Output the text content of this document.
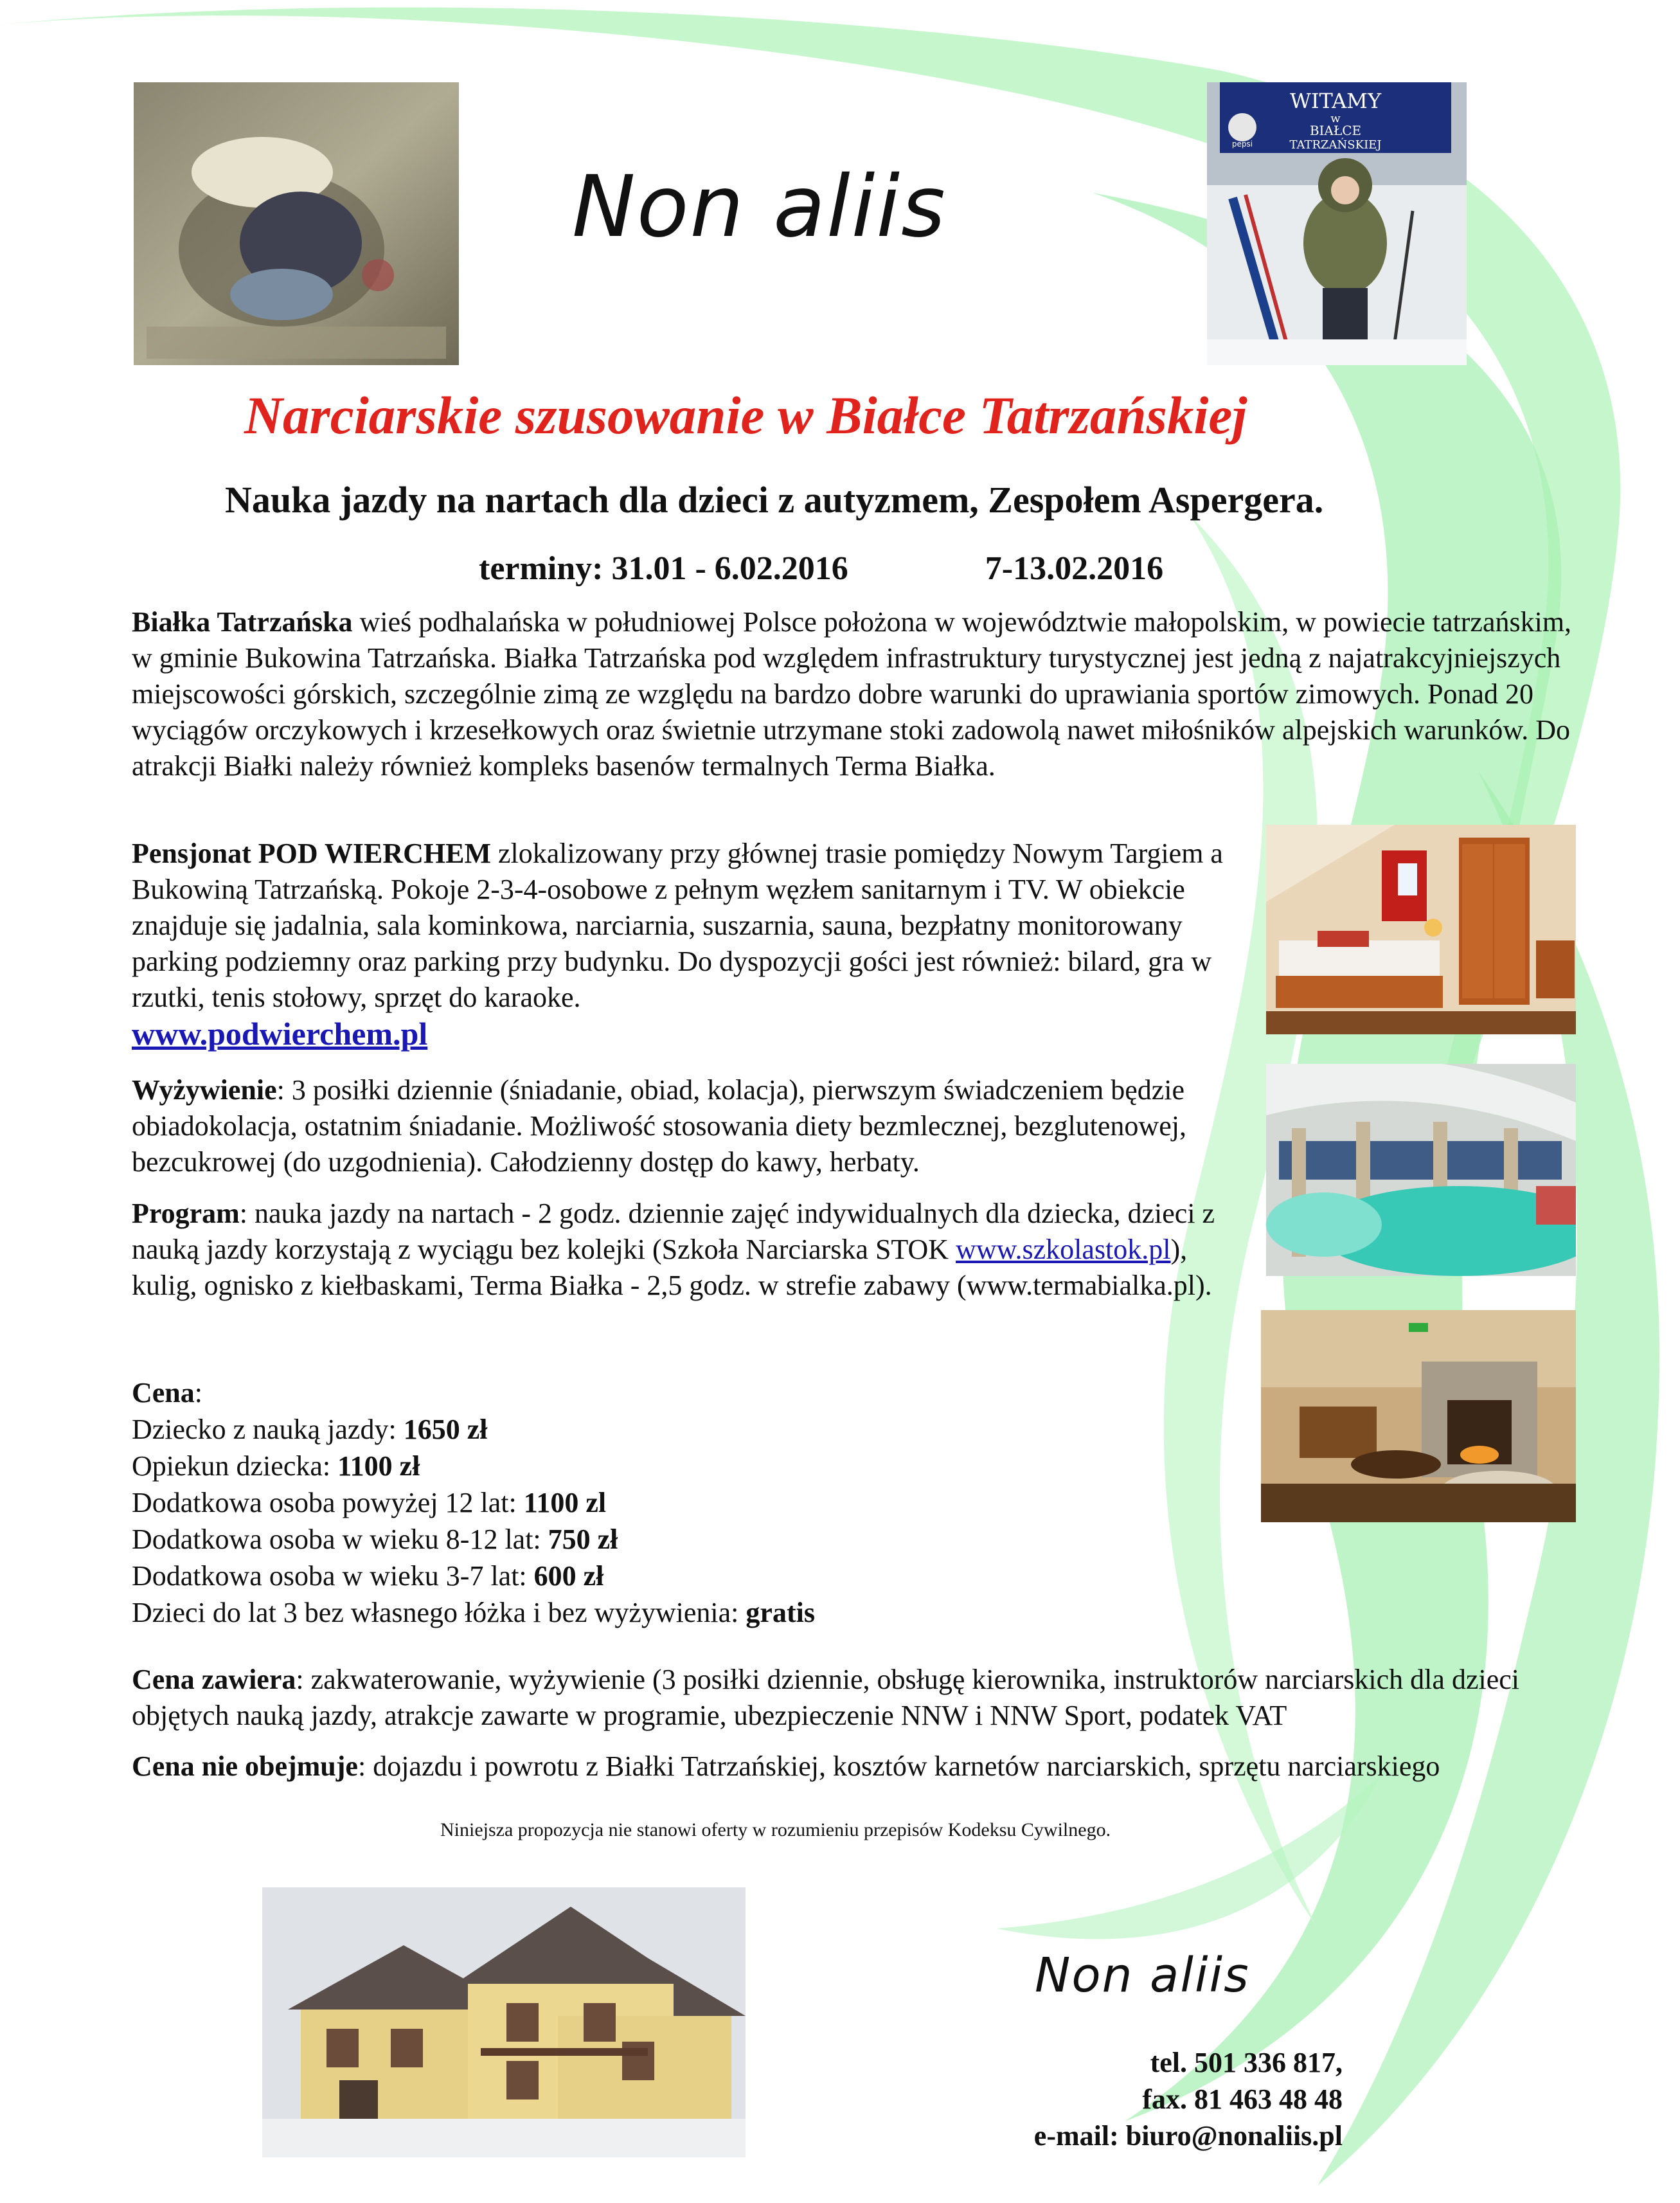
WITAMY
w
BIAŁCE
TATRZAŃSKIEJ
pepsi
Non aliis
Narciarskie szusowanie w Białce Tatrzańskiej
Nauka jazdy na nartach dla dzieci z autyzmem, Zespołem Aspergera.
terminy: 31.01 - 6.02.2016	7-13.02.2016

Białka Tatrzańska wieś podhalańska w południowej Polsce położona w województwie małopolskim, w powiecie tatrzańskim, w gminie Bukowina Tatrzańska. Białka Tatrzańska pod względem infrastruktury turystycznej jest jedną z najatrakcyjniejszych miejscowości górskich, szczególnie zimą ze względu na bardzo dobre warunki do uprawiania sportów zimowych. Ponad 20 wyciągów orczykowych i krzesełkowych oraz świetnie utrzymane stoki zadowolą nawet miłośników alpejskich warunków. Do atrakcji Białki należy również kompleks basenów termalnych Terma Białka.

Pensjonat POD WIERCHEM zlokalizowany przy głównej trasie pomiędzy Nowym Targiem a Bukowiną Tatrzańską. Pokoje 2-3-4-osobowe z pełnym węzłem sanitarnym i TV. W obiekcie znajduje się jadalnia, sala kominkowa, narciarnia, suszarnia, sauna, bezpłatny monitorowany parking podziemny oraz parking przy budynku. Do dyspozycji gości jest również: bilard, gra w rzutki, tenis stołowy, sprzęt do karaoke.
www.podwierchem.pl

Wyżywienie: 3 posiłki dziennie (śniadanie, obiad, kolacja), pierwszym świadczeniem będzie obiadokolacja, ostatnim śniadanie. Możliwość stosowania diety bezmlecznej, bezglutenowej, bezcukrowej (do uzgodnienia). Całodzienny dostęp do kawy, herbaty.

Program: nauka jazdy na nartach - 2 godz. dziennie zajęć indywidualnych dla dziecka, dzieci z nauką jazdy korzystają z wyciągu bez kolejki (Szkoła Narciarska STOK www.szkolastok.pl), kulig, ognisko z kiełbaskami, Terma Białka - 2,5 godz. w strefie zabawy (www.termabialka.pl).

Cena:
Dziecko z nauką jazdy: 1650 zł
Opiekun dziecka: 1100 zł
Dodatkowa osoba powyżej 12 lat: 1100 zl
Dodatkowa osoba w wieku 8-12 lat: 750 zł
Dodatkowa osoba w wieku 3-7 lat: 600 zł
Dzieci do lat 3 bez własnego łóżka i bez wyżywienia: gratis

Cena zawiera: zakwaterowanie, wyżywienie (3 posiłki dziennie, obsługę kierownika, instruktorów narciarskich dla dzieci objętych nauką jazdy, atrakcje zawarte w programie, ubezpieczenie NNW i NNW Sport, podatek VAT

Cena nie obejmuje: dojazdu i powrotu z Białki Tatrzańskiej, kosztów karnetów narciarskich, sprzętu narciarskiego

Niniejsza propozycja nie stanowi oferty w rozumieniu przepisów Kodeksu Cywilnego.
Non aliis
tel. 501 336 817,
fax. 81 463 48 48
e-mail: biuro@nonaliis.pl
